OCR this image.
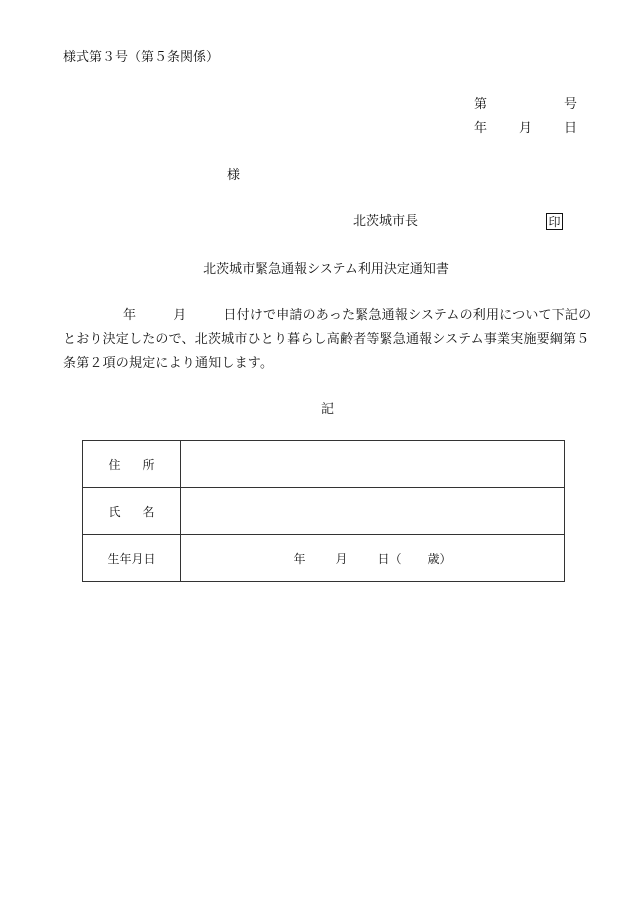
様式第３号（第５条関係）
第	号
年 月 日
様
北茨城市長	印
北茨城市緊急通報システム利用決定通知書
年	月	日付けで申請のあった緊急通報システムの利用について下記のとおり決定したので、北茨城市ひとり暮らし高齢者等緊急通報システム事業実施要綱第５条第２項の規定により通知します。
記
住 所	
氏 名	
生年月日	年 月 日（ 歳）
